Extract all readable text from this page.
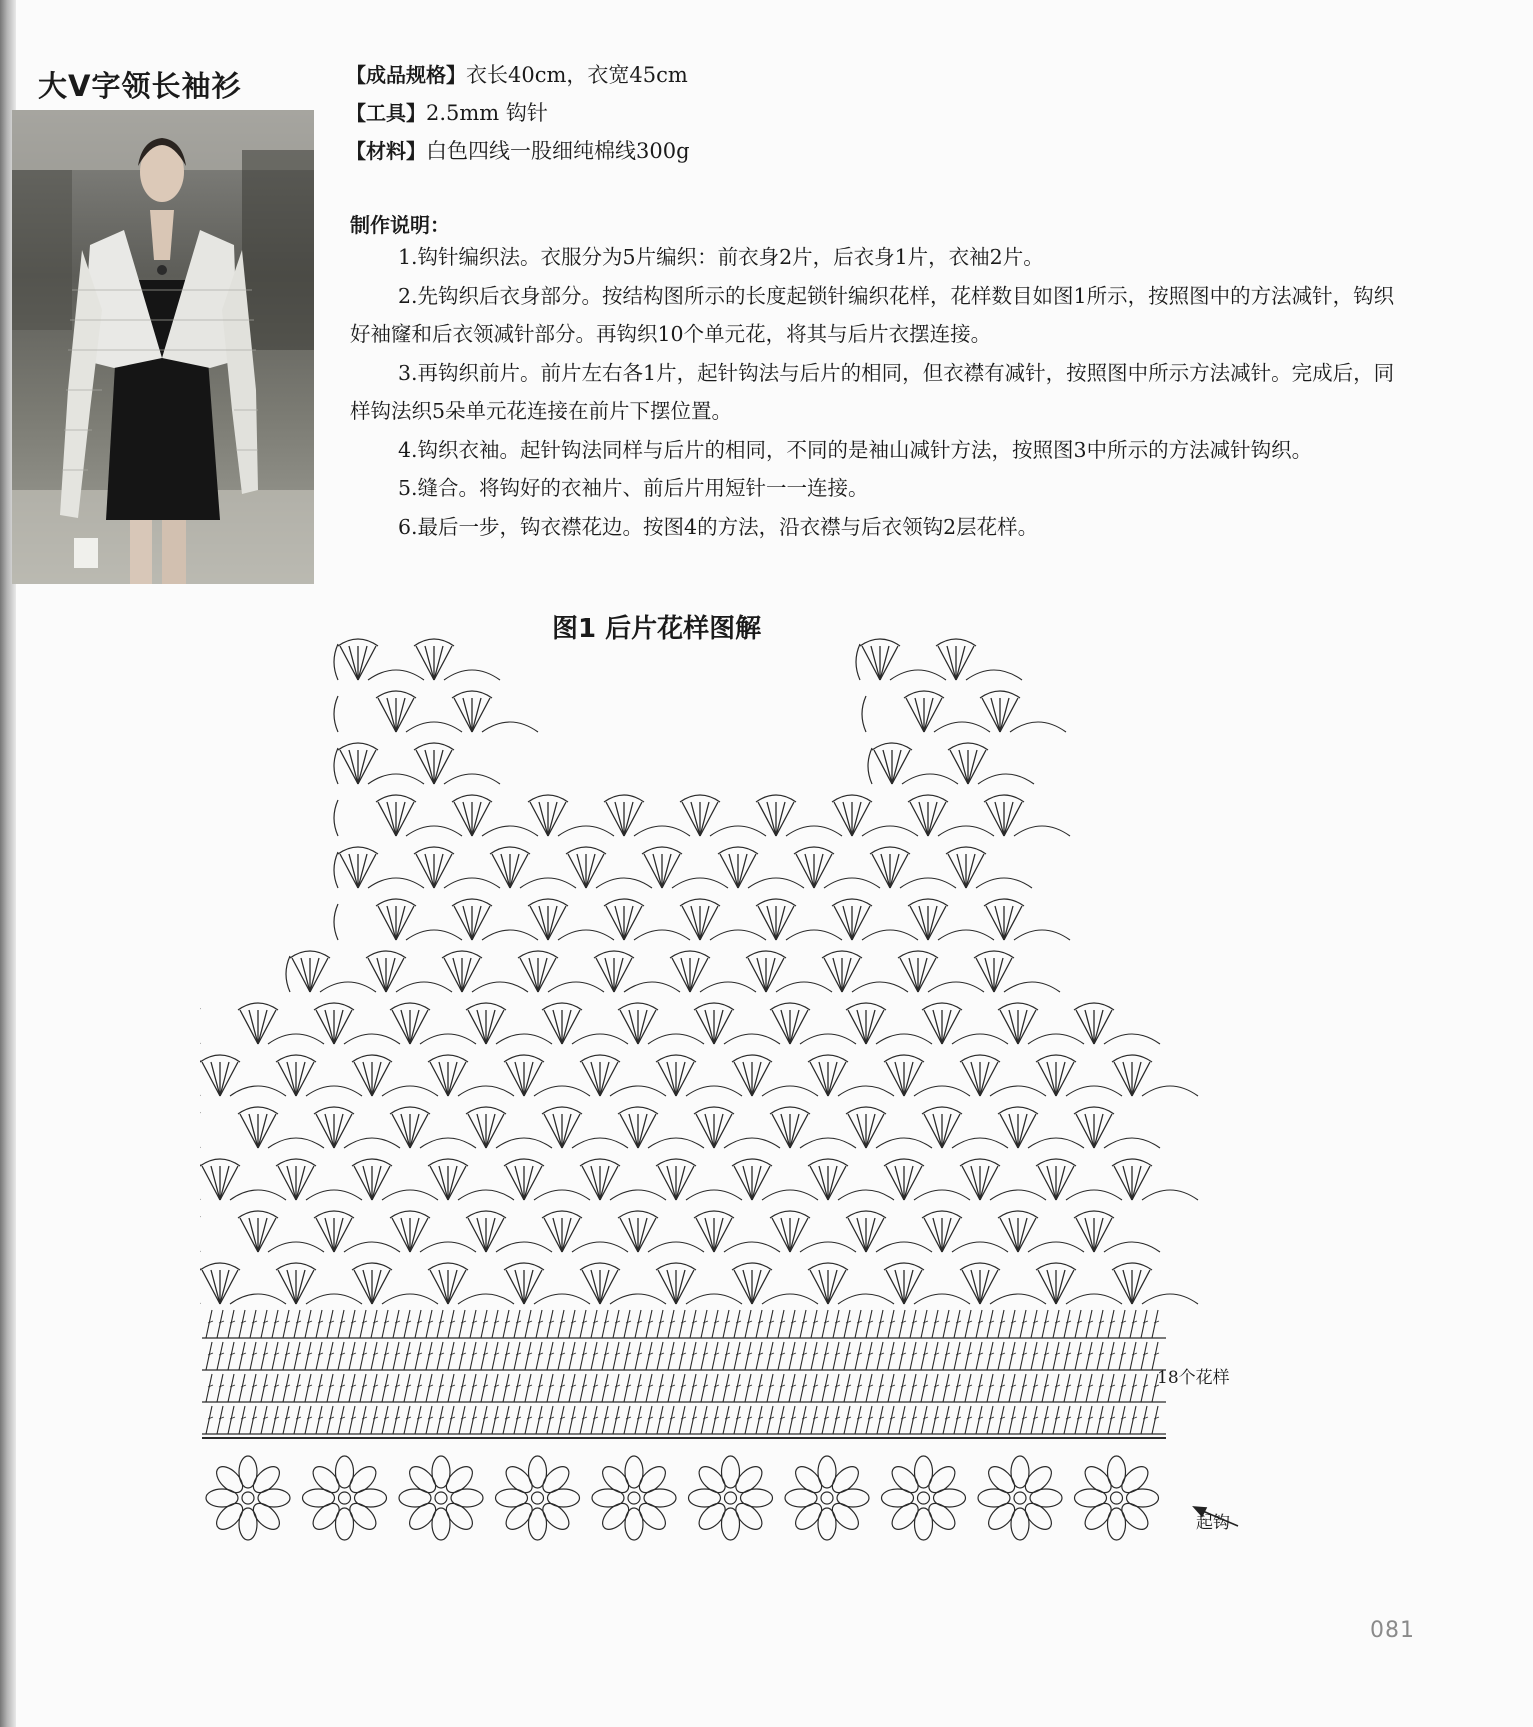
大V字领长袖衫	【成品规格】衣长40cm，衣宽45cm
【工具】2.5mm 钩针
【材料】白色四线一股细纯棉线300g
制作说明：

1.钩针编织法。衣服分为5片编织：前衣身2片，后衣身1片，衣袖2片。

2.先钩织后衣身部分。按结构图所示的长度起锁针编织花样，花样数目如图1所示，按照图中的方法减针，钩织好袖窿和后衣领减针部分。再钩织10个单元花，将其与后片衣摆连接。

3.再钩织前片。前片左右各1片，起针钩法与后片的相同，但衣襟有减针，按照图中所示方法减针。完成后，同样钩法织5朵单元花连接在前片下摆位置。

4.钩织衣袖。起针钩法同样与后片的相同，不同的是袖山减针方法，按照图3中所示的方法减针钩织。

5.缝合。将钩好的衣袖片、前后片用短针一一连接。

6.最后一步，钩衣襟花边。按图4的方法，沿衣襟与后衣领钩2层花样。

图1 后片花样图解
18个花样
起钩
081
